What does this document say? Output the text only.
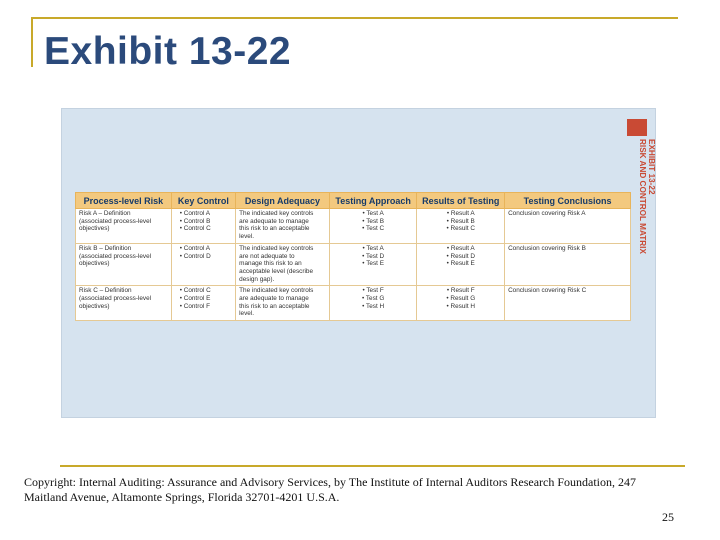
Exhibit 13-22
Process-level Risk	Key Control	Design Adequacy	Testing Approach	Results of Testing	Testing Conclusions

Risk A – Definition
(associated process-level
objectives)	• Control A
• Control B
• Control C	The indicated key controls
are adequate to manage
this risk to an acceptable
level.	• Test A
• Test B
• Test C	• Result A
• Result B
• Result C	Conclusion covering Risk A

Risk B – Definition
(associated process-level
objectives)	• Control A
• Control D	The indicated key controls
are not adequate to
manage this risk to an
acceptable level (describe
design gap).	• Test A
• Test D
• Test E	• Result A
• Result D
• Result E	Conclusion covering Risk B

Risk C – Definition
(associated process-level
objectives)	• Control C
• Control E
• Control F	The indicated key controls
are adequate to manage
this risk to an acceptable
level.	• Test F
• Test G
• Test H	• Result F
• Result G
• Result H	Conclusion covering Risk C
EXHIBIT 13-22
RISK AND CONTROL MATRIX
Copyright: Internal Auditing: Assurance and Advisory Services, by The Institute of Internal Auditors Research Foundation, 247 Maitland Avenue, Altamonte Springs, Florida 32701-4201 U.S.A.
25
